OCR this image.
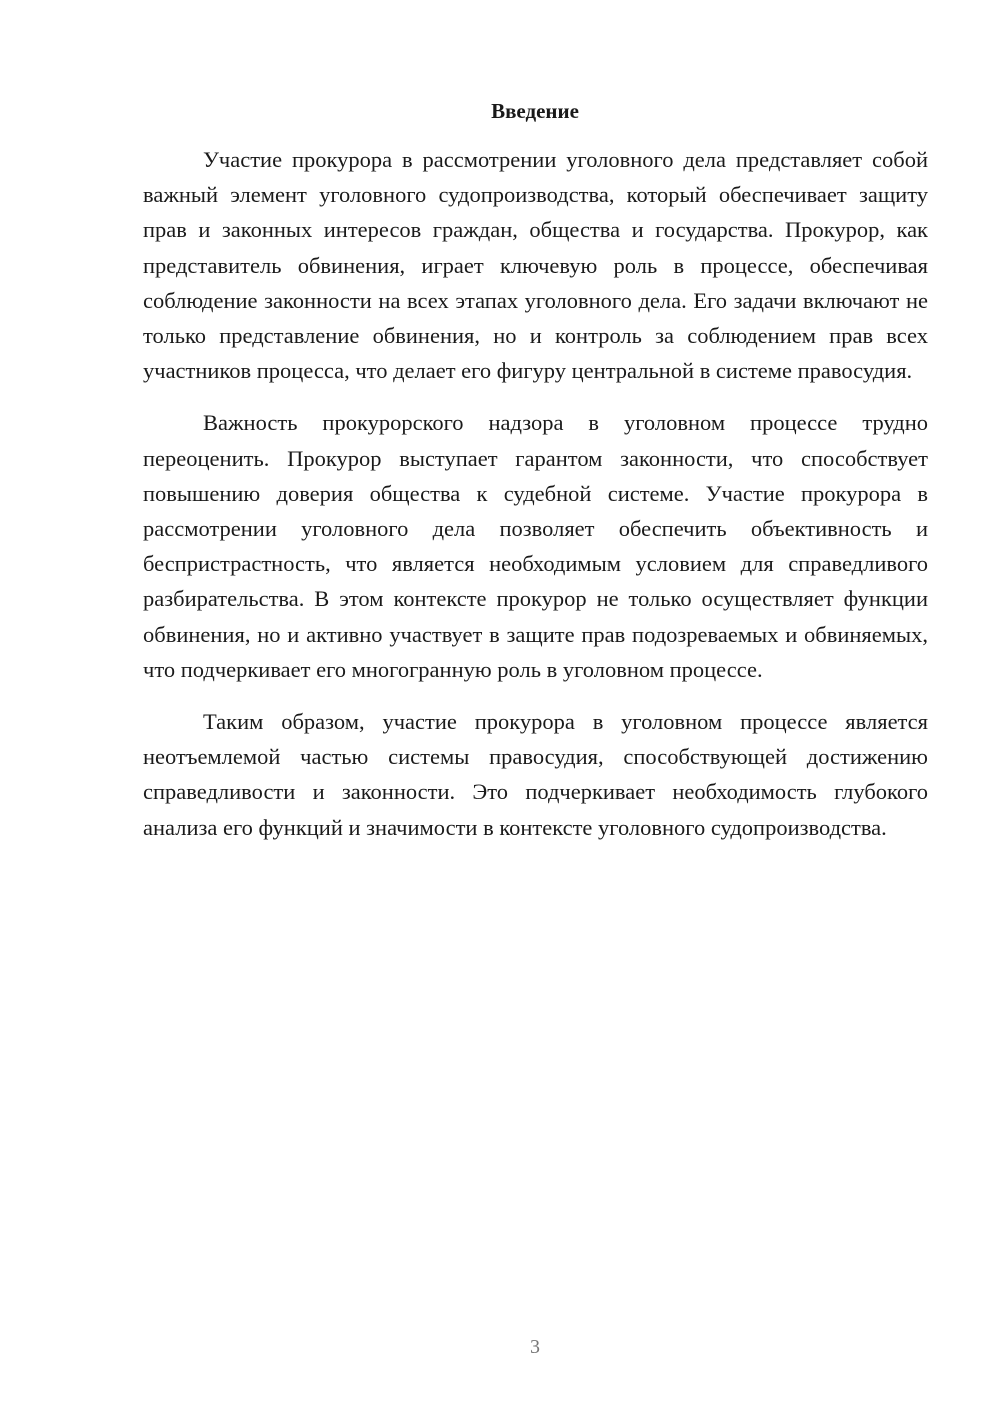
Введение

Участие прокурора в рассмотрении уголовного дела представляет собой важный элемент уголовного судопроизводства, который обеспечивает защиту прав и законных интересов граждан, общества и государства. Прокурор, как представитель обвинения, играет ключевую роль в процессе, обеспечивая соблюдение законности на всех этапах уголовного дела. Его задачи включают не только представление обвинения, но и контроль за соблюдением прав всех участников процесса, что делает его фигуру центральной в системе правосудия.

Важность прокурорского надзора в уголовном процессе трудно переоценить. Прокурор выступает гарантом законности, что способствует повышению доверия общества к судебной системе. Участие прокурора в рассмотрении уголовного дела позволяет обеспечить объективность и беспристрастность, что является необходимым условием для справедливого разбирательства. В этом контексте прокурор не только осуществляет функции обвинения, но и активно участвует в защите прав подозреваемых и обвиняемых, что подчеркивает его многогранную роль в уголовном процессе.

Таким образом, участие прокурора в уголовном процессе является неотъемлемой частью системы правосудия, способствующей достижению справедливости и законности. Это подчеркивает необходимость глубокого анализа его функций и значимости в контексте уголовного судопроизводства.

3
